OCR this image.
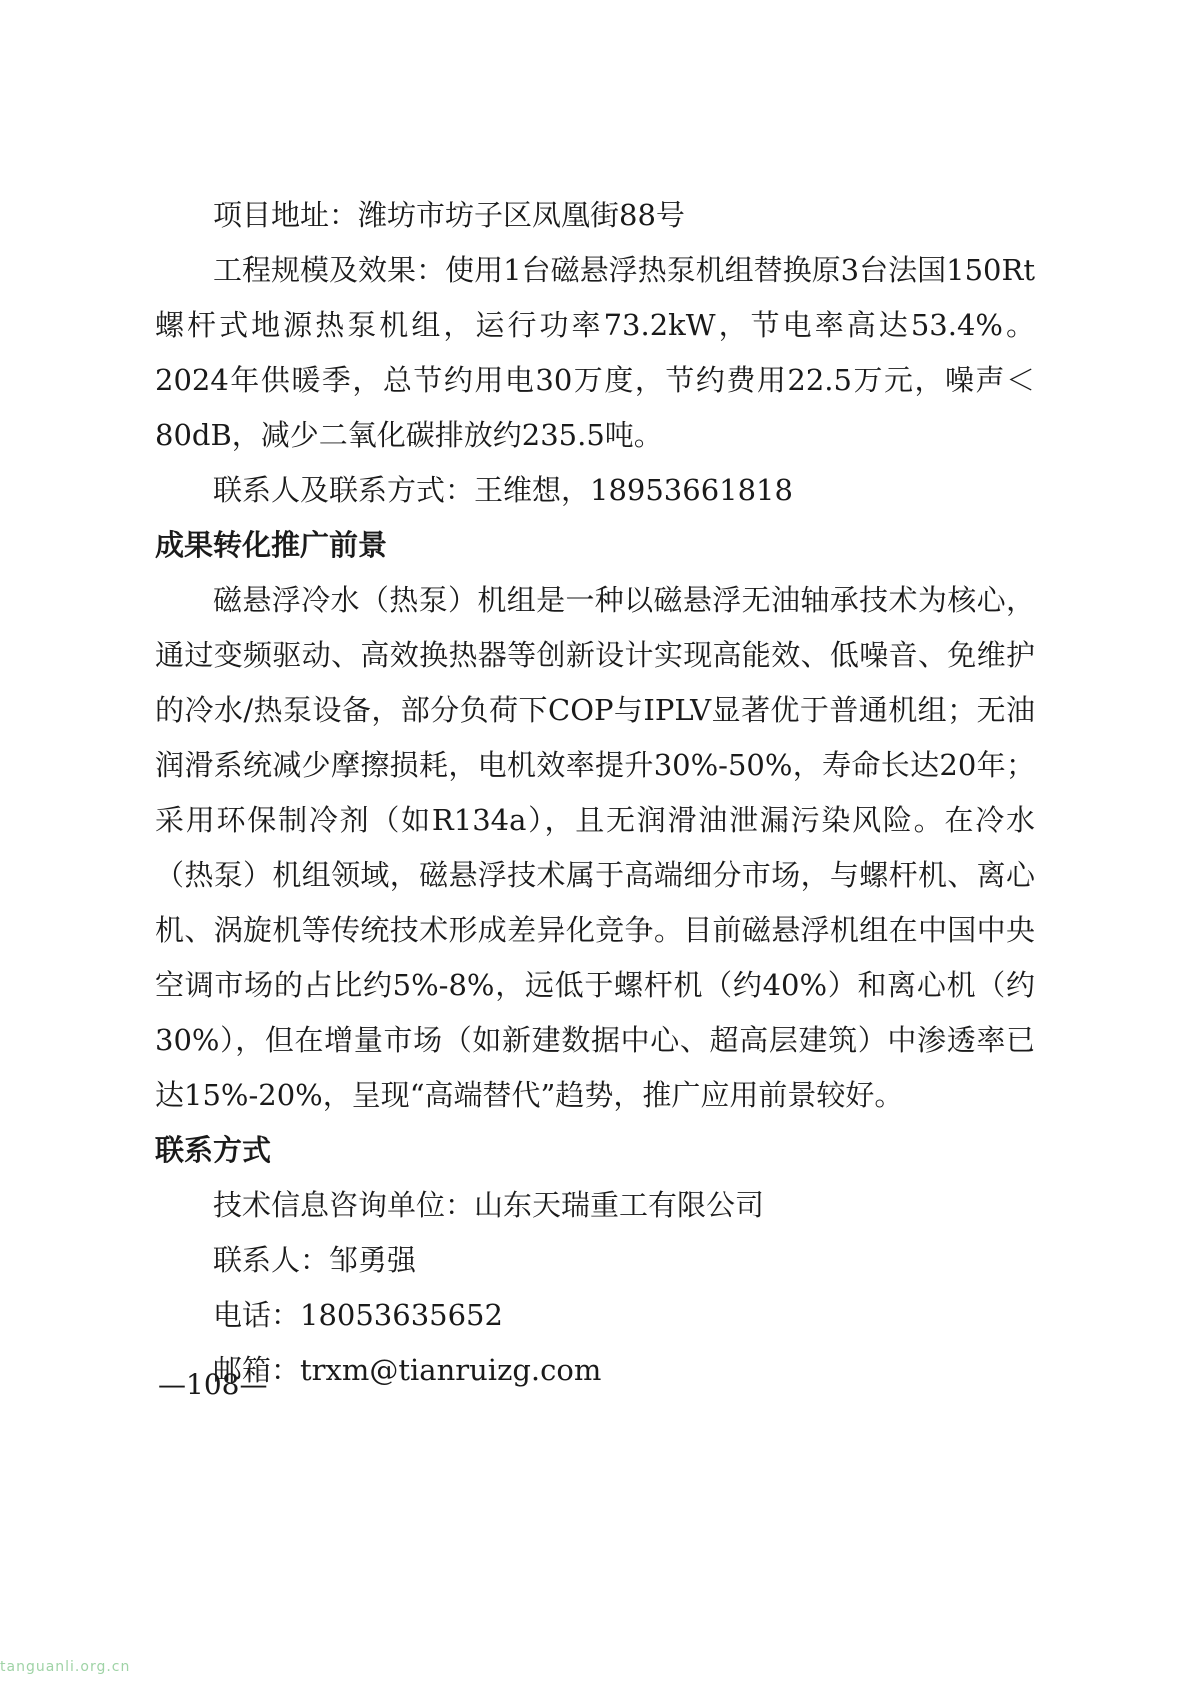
项目地址：潍坊市坊子区凤凰街88号

工程规模及效果：使用1台磁悬浮热泵机组替换原3台法国150Rt螺杆式地源热泵机组，运行功率73.2kW，节电率高达53.4%。2024年供暖季，总节约用电30万度，节约费用22.5万元，噪声＜80dB，减少二氧化碳排放约235.5吨。

联系人及联系方式：王维想，18953661818

成果转化推广前景

磁悬浮冷水（热泵）机组是一种以磁悬浮无油轴承技术为核心，通过变频驱动、高效换热器等创新设计实现高能效、低噪音、免维护的冷水/热泵设备，部分负荷下COP与IPLV显著优于普通机组；无油润滑系统减少摩擦损耗，电机效率提升30%-50%，寿命长达20年；采用环保制冷剂（如R134a），且无润滑油泄漏污染风险。在冷水（热泵）机组领域，磁悬浮技术属于高端细分市场，与螺杆机、离心机、涡旋机等传统技术形成差异化竞争。目前磁悬浮机组在中国中央空调市场的占比约5%-8%，远低于螺杆机（约40%）和离心机（约30%），但在增量市场（如新建数据中心、超高层建筑）中渗透率已达15%-20%，呈现“高端替代”趋势，推广应用前景较好。

联系方式

技术信息咨询单位：山东天瑞重工有限公司

联系人：邹勇强

电话：18053635652

邮箱：trxm@tianruizg.com

—108—
tanguanli.org.cn
